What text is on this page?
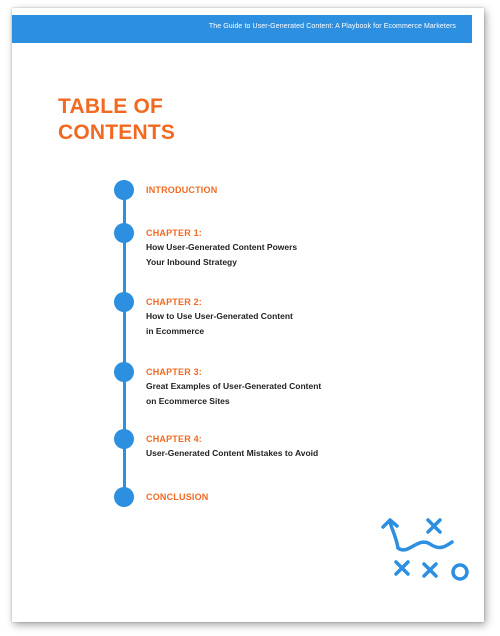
The Guide to User-Generated Content: A Playbook for Ecommerce Marketers
TABLE OF
CONTENTS
INTRODUCTION
CHAPTER 1:
How User-Generated Content Powers
Your Inbound Strategy
CHAPTER 2:
How to Use User-Generated Content
in Ecommerce
CHAPTER 3:
Great Examples of User-Generated Content
on Ecommerce Sites
CHAPTER 4:
User-Generated Content Mistakes to Avoid
CONCLUSION
